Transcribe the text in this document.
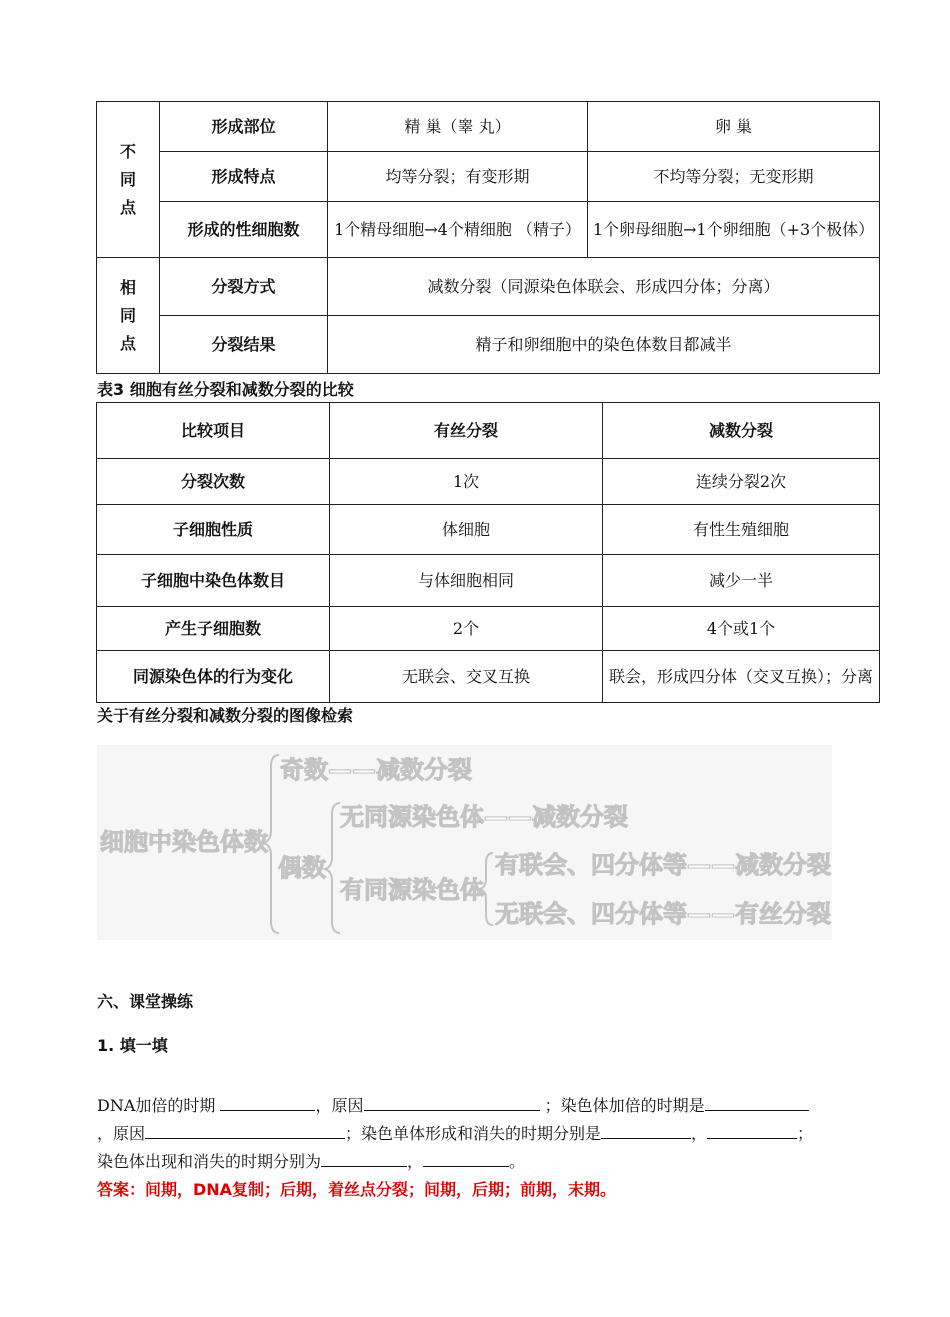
不
同
点	形成部位	精 巢（睾 丸）	卵 巢
	形成特点	均等分裂；有变形期	不均等分裂；无变形期
	形成的性细胞数	1个精母细胞→4个精细胞 （精子）	1个卵母细胞→1个卵细胞（+3个极体）
相
同
点	分裂方式	减数分裂（同源染色体联会、形成四分体；分离）	
	分裂结果	精子和卵细胞中的染色体数目都减半	
表3 细胞有丝分裂和减数分裂的比较
比较项目	有丝分裂	减数分裂
分裂次数	1次	连续分裂2次
子细胞性质	体细胞	有性生殖细胞
子细胞中染色体数目	与体细胞相同	减少一半
产生子细胞数	2个	4个或1个
同源染色体的行为变化	无联会、交叉互换	联会，形成四分体（交叉互换）；分离
关于有丝分裂和减数分裂的图像检索
细胞中染色体数
奇数——减数分裂
偶数
无同源染色体——减数分裂
有同源染色体
有联会、四分体等——减数分裂
无联会、四分体等——有丝分裂
六、课堂操练
1. 填一填
DNA加倍的时期	，原因	；染色体加倍的时期是
，原因	；染色单体形成和消失的时期分别是	，	；
染色体出现和消失的时期分别为	，	。
答案：间期，DNA复制；后期，着丝点分裂；间期，后期；前期，末期。
